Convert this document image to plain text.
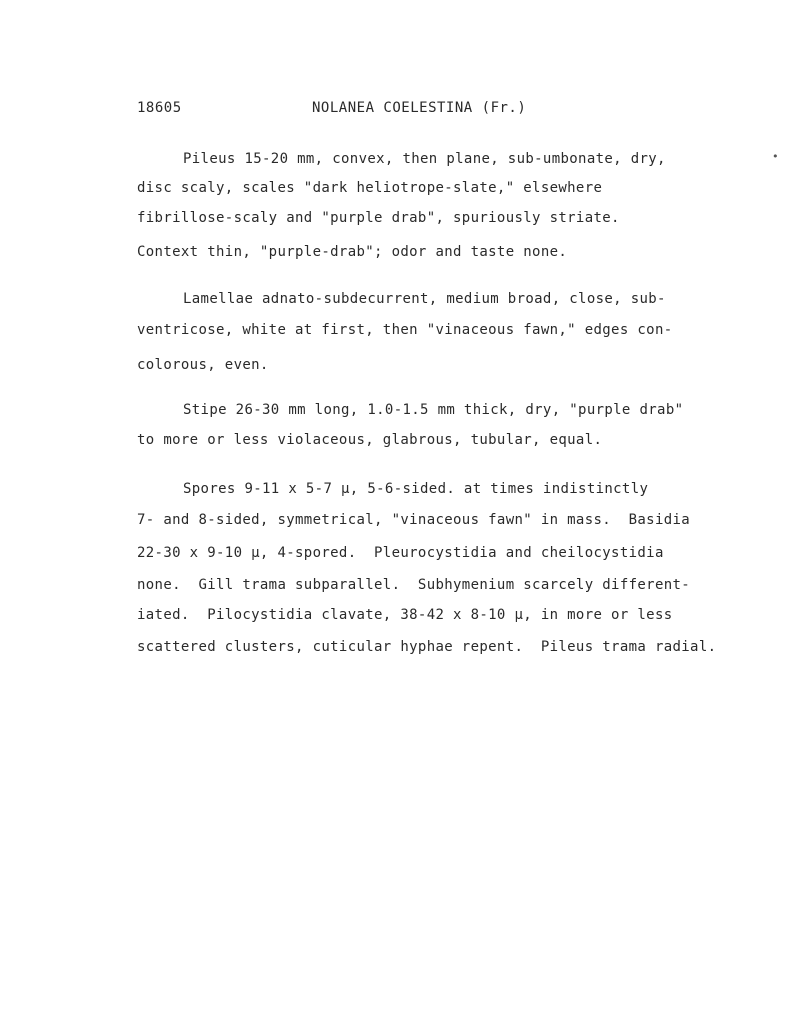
18605	NOLANEA COELESTINA (Fr.)
•
Pileus 15-20 mm, convex, then plane, sub-umbonate, dry,
disc scaly, scales "dark heliotrope-slate," elsewhere
fibrillose-scaly and "purple drab", spuriously striate.
Context thin, "purple-drab"; odor and taste none.
Lamellae adnato-subdecurrent, medium broad, close, sub-
ventricose, white at first, then "vinaceous fawn," edges con-
colorous, even.
Stipe 26-30 mm long, 1.0-1.5 mm thick, dry, "purple drab"
to more or less violaceous, glabrous, tubular, equal.
Spores 9-11 x 5-7 μ, 5-6-sided. at times indistinctly
7- and 8-sided, symmetrical, "vinaceous fawn" in mass.  Basidia
22-30 x 9-10 μ, 4-spored.  Pleurocystidia and cheilocystidia
none.  Gill trama subparallel.  Subhymenium scarcely different-
iated.  Pilocystidia clavate, 38-42 x 8-10 μ, in more or less
scattered clusters, cuticular hyphae repent.  Pileus trama radial.
